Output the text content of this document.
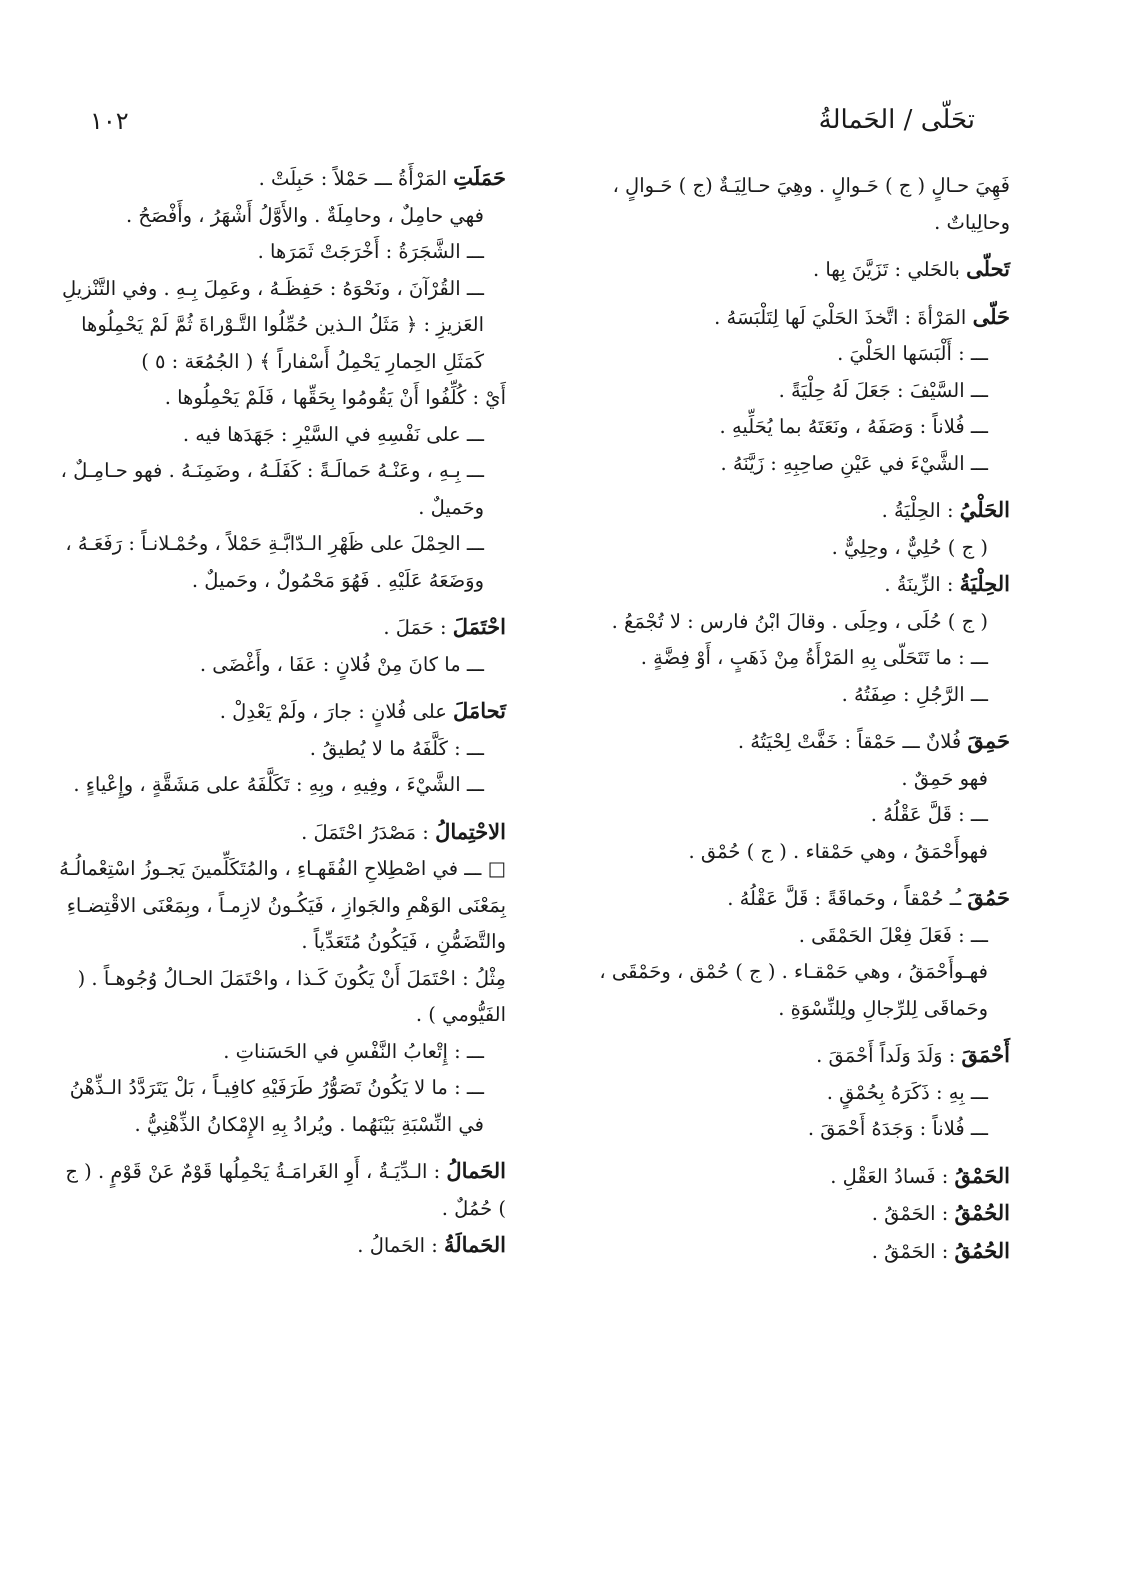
تحَلّى / الحَمالةُ
١٠٢

فَهِيَ حـالٍ ( ج ) حَـوالٍ . وهِيَ حـالِيَـةٌ (ج ) حَـوالٍ ، وحالِياتٌ .

تَحلّى بالحَلي : تَزَيَّنَ بِها .

حَلّى المَرْأةَ : اتَّخذَ الحَلْيَ لَها لِتَلْبَسَهُ .

ـــ : أَلْبَسَها الحَلْيَ .

ـــ السَّيْفَ : جَعَلَ لَهُ حِلْيَةً .

ـــ فُلاناً : وَصَفَهُ ، ونَعَتَهُ بما يُحَلِّيهِ .

ـــ الشَّيْءَ في عَيْنِ صاحِبِهِ : زَيَّنَهُ .

الحَلْيُ : الحِلْيَةُ .

( ج ) حُلِيٌّ ، وحِلِيٌّ .

الحِلْيَةُ : الزِّينَةُ .

( ج ) حُلَى ، وحِلَى . وقالَ ابْنُ فارس : لا تُجْمَعُ .

ـــ : ما تَتَحَلّى بِهِ المَرْأَةُ مِنْ ذَهَبٍ ، أَوْ فِضَّةٍ .

ـــ الرَّجُلِ : صِفَتُهُ .

حَمِقَ فُلانٌ ـــ حَمْقاً : خَفَّتْ لِحْيَتُهُ .

فهو حَمِقٌ .

ـــ : قَلَّ عَقْلُهُ .

فهوأَحْمَقُ ، وهي حَمْقاء . ( ج ) حُمْق .

حَمُقَ ـُـ حُمْقاً ، وحَماقَةً : قَلَّ عَقْلُهُ .

ـــ : فَعَلَ فِعْلَ الحَمْقَى .

فهـوأَحْمَقُ ، وهي حَمْقـاء . ( ج ) حُمْق ، وحَمْقَى ، وحَماقَى لِلرِّجالِ ولِلنِّسْوَةِ .

أَحْمَقَ : وَلَدَ وَلَداً أَحْمَقَ .

ـــ بِهِ : ذَكَرَهُ بِحُمْقٍ .

ـــ فُلاناً : وَجَدَهُ أَحْمَقَ .

الحَمْقُ : فَسادُ العَقْلِ .

الحُمْقُ : الحَمْقُ .

الحُمُقُ : الحَمْقُ .

حَمَلَتِ المَرْأَةُ ـــ حَمْلاً : حَبِلَتْ .

فهي حامِلٌ ، وحامِلَةٌ . والأَوَّلُ أَشْهَرُ ، وأَفْصَحُ .

ـــ الشَّجَرَةُ : أَخْرَجَتْ ثَمَرَها .

ـــ القُرْآنَ ، ونَحْوَهُ : حَفِظَـهُ ، وعَمِلَ بِـهِ . وفي التَّنْزيلِ العَزيزِ : ﴿ مَثَلُ الـذين حُمِّلُوا التَّـوْراةَ ثُمَّ لَمْ يَحْمِلُوها كَمَثَلِ الحِمارِ يَحْمِلُ أَسْفاراً ﴾ ( الجُمُعَة : ٥ )

أَيْ : كُلِّفُوا أَنْ يَقُومُوا بِحَقِّها ، فَلَمْ يَحْمِلُوها .

ـــ على نَفْسِهِ في السَّيْرِ : جَهَدَها فيه .

ـــ بِـهِ ، وعَنْـهُ حَمالَـةً : كَفَلَـهُ ، وضَمِنَـهُ . فهو حـامِـلٌ ، وحَميلٌ .

ـــ الحِمْلَ على ظَهْرِ الـدّابَّـةِ حَمْلاً ، وحُمْـلانـاً : رَفَعَـهُ ، ووَضَعَهُ عَلَيْهِ . فَهُوَ مَحْمُولٌ ، وحَميلٌ .

احْتَمَلَ : حَمَلَ .

ـــ ما كانَ مِنْ فُلانٍ : عَفَا ، وأَغْضَى .

تَحامَلَ على فُلانٍ : جارَ ، ولَمْ يَعْدِلْ .

ـــ : كَلَّفَهُ ما لا يُطيقُ .

ـــ الشَّيْءَ ، وفِيهِ ، وبِهِ : تَكَلَّفَهُ على مَشَقَّةٍ ، وإِعْياءٍ .

الاحْتِمالُ : مَصْدَرُ احْتَمَلَ .

□ ـــ في اصْطِلاحِ الفُقَهـاءِ ، والمُتَكَلِّمينَ يَجـوزُ اسْتِعْمالُـهُ بِمَعْنَى الوَهْمِ والجَوازِ ، فَيَكُـونُ لازِمـاً ، وبِمَعْنَى الاقْتِضـاءِ والتَّضَمُّنِ ، فَيَكُونُ مُتَعَدِّياً .

مِثْلُ : احْتَمَلَ أَنْ يَكُونَ كَـذا ، واحْتَمَلَ الحـالُ وُجُوهـاً . ( الفَيُّومي ) .

ـــ : إِتْعابُ النَّفْسِ في الحَسَناتِ .

ـــ : ما لا يَكُونُ تَصَوُّرُ طَرَفَيْهِ كافِيـاً ، بَلْ يَتَرَدَّدُ الـذِّهْنُ في النِّسْبَةِ بَيْنَهُما . ويُرادُ بِهِ الإِمْكانُ الذِّهْنِيُّ .

الحَمالُ : الـدِّيَـةُ ، أَوِ الغَرامَـةُ يَحْمِلُها قَوْمٌ عَنْ قَوْمٍ . ( ج ) حُمُلٌ .

الحَمالَةُ : الحَمالُ .
